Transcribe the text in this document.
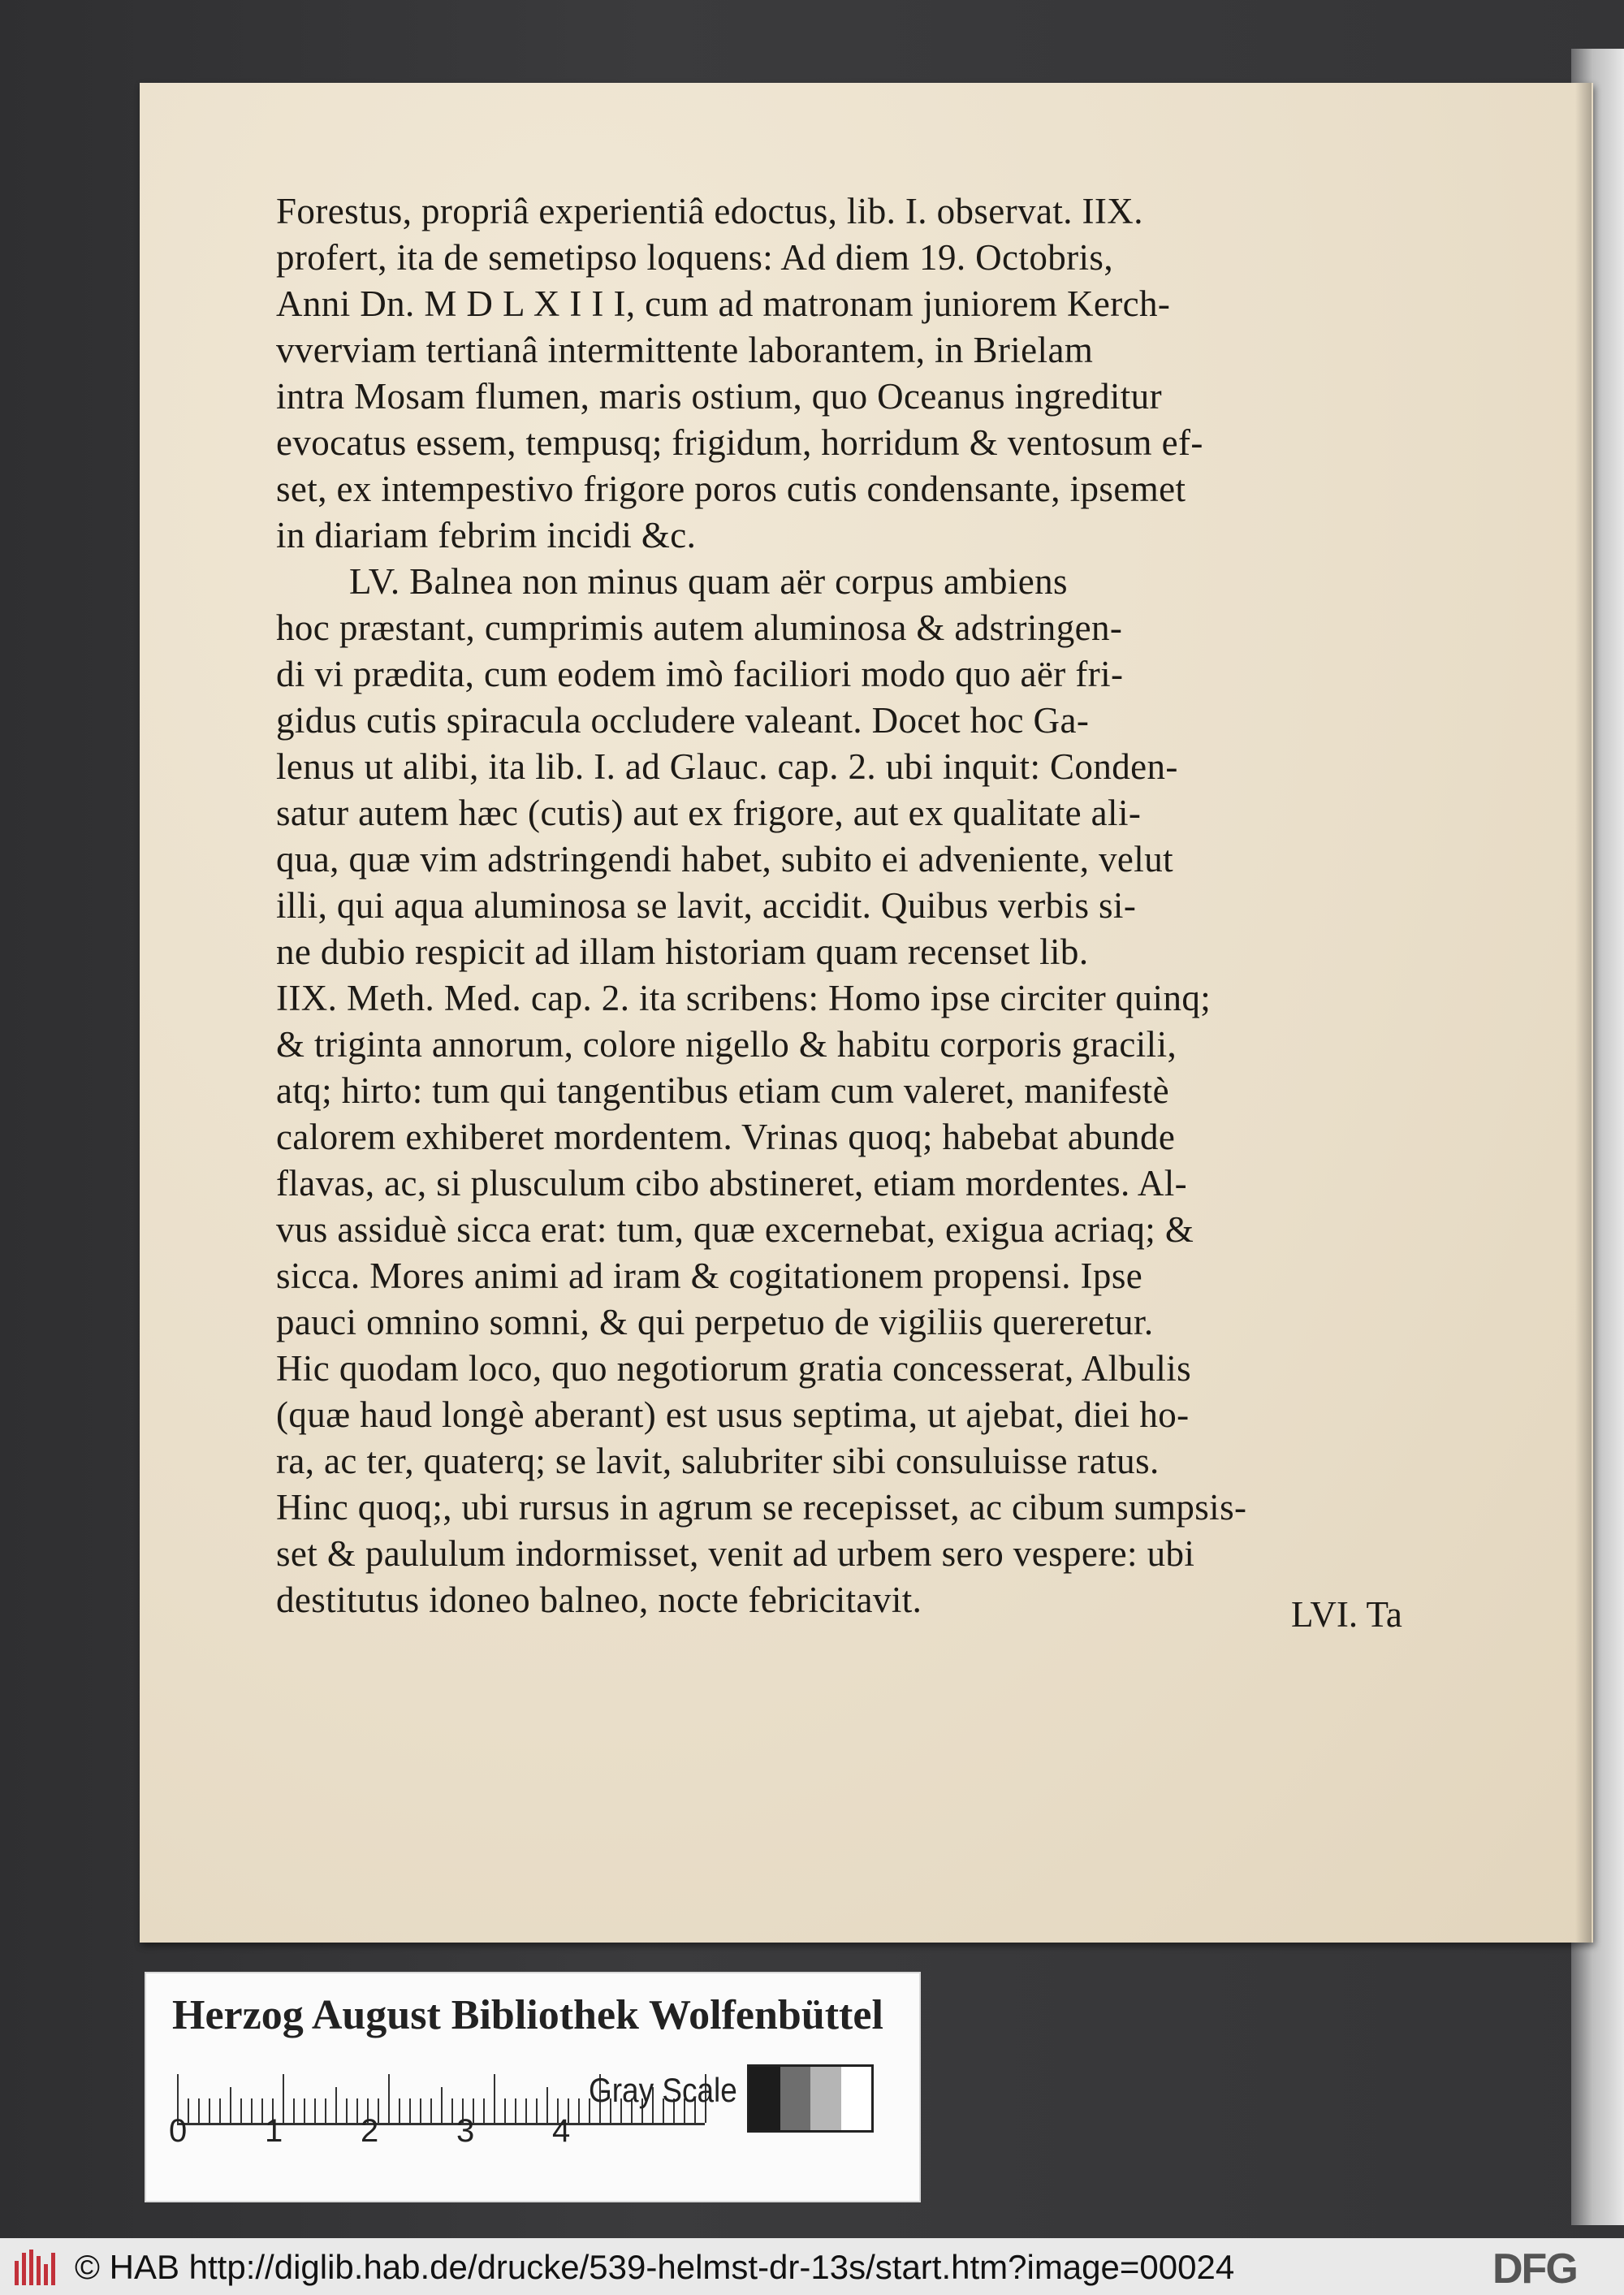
Forestus, propriâ experientiâ edoctus, lib. I. observat. IIX.
profert, ita de semetipso loquens: Ad diem 19. Octobris,
Anni Dn. M D L X I I I, cum ad matronam juniorem Kerch-
vverviam tertianâ intermittente laborantem, in Brielam
intra Mosam flumen, maris ostium, quo Oceanus ingreditur
evocatus essem, tempusq; frigidum, horridum & ventosum ef-
set, ex intempestivo frigore poros cutis condensante, ipsemet
in diariam febrim incidi &c.
LV. Balnea non minus quam aër corpus ambiens
hoc præstant, cumprimis autem aluminosa & adstringen-
di vi prædita, cum eodem imò faciliori modo quo aër fri-
gidus cutis spiracula occludere valeant. Docet hoc Ga-
lenus ut alibi, ita lib. I. ad Glauc. cap. 2. ubi inquit: Conden-
satur autem hæc (cutis) aut ex frigore, aut ex qualitate ali-
qua, quæ vim adstringendi habet, subito ei adveniente, velut
illi, qui aqua aluminosa se lavit, accidit. Quibus verbis si-
ne dubio respicit ad illam historiam quam recenset lib.
IIX. Meth. Med. cap. 2. ita scribens: Homo ipse circiter quinq;
& triginta annorum, colore nigello & habitu corporis gracili,
atq; hirto: tum qui tangentibus etiam cum valeret, manifestè
calorem exhiberet mordentem. Vrinas quoq; habebat abunde
flavas, ac, si plusculum cibo abstineret, etiam mordentes. Al-
vus assiduè sicca erat: tum, quæ excernebat, exigua acriaq; &
sicca. Mores animi ad iram & cogitationem propensi. Ipse
pauci omnino somni, & qui perpetuo de vigiliis quereretur.
Hic quodam loco, quo negotiorum gratia concesserat, Albulis
(quæ haud longè aberant) est usus septima, ut ajebat, diei ho-
ra, ac ter, quaterq; se lavit, salubriter sibi consuluisse ratus.
Hinc quoq;, ubi rursus in agrum se recepisset, ac cibum sumpsis-
set & paululum indormisset, venit ad urbem sero vespere: ubi
destitutus idoneo balneo, nocte febricitavit.	LVI. Ta
Herzog August Bibliothek Wolfenbüttel
0 1 2 3 4
Gray Scale
© HAB http://diglib.hab.de/drucke/539-helmst-dr-13s/start.htm?image=00024	DFG
